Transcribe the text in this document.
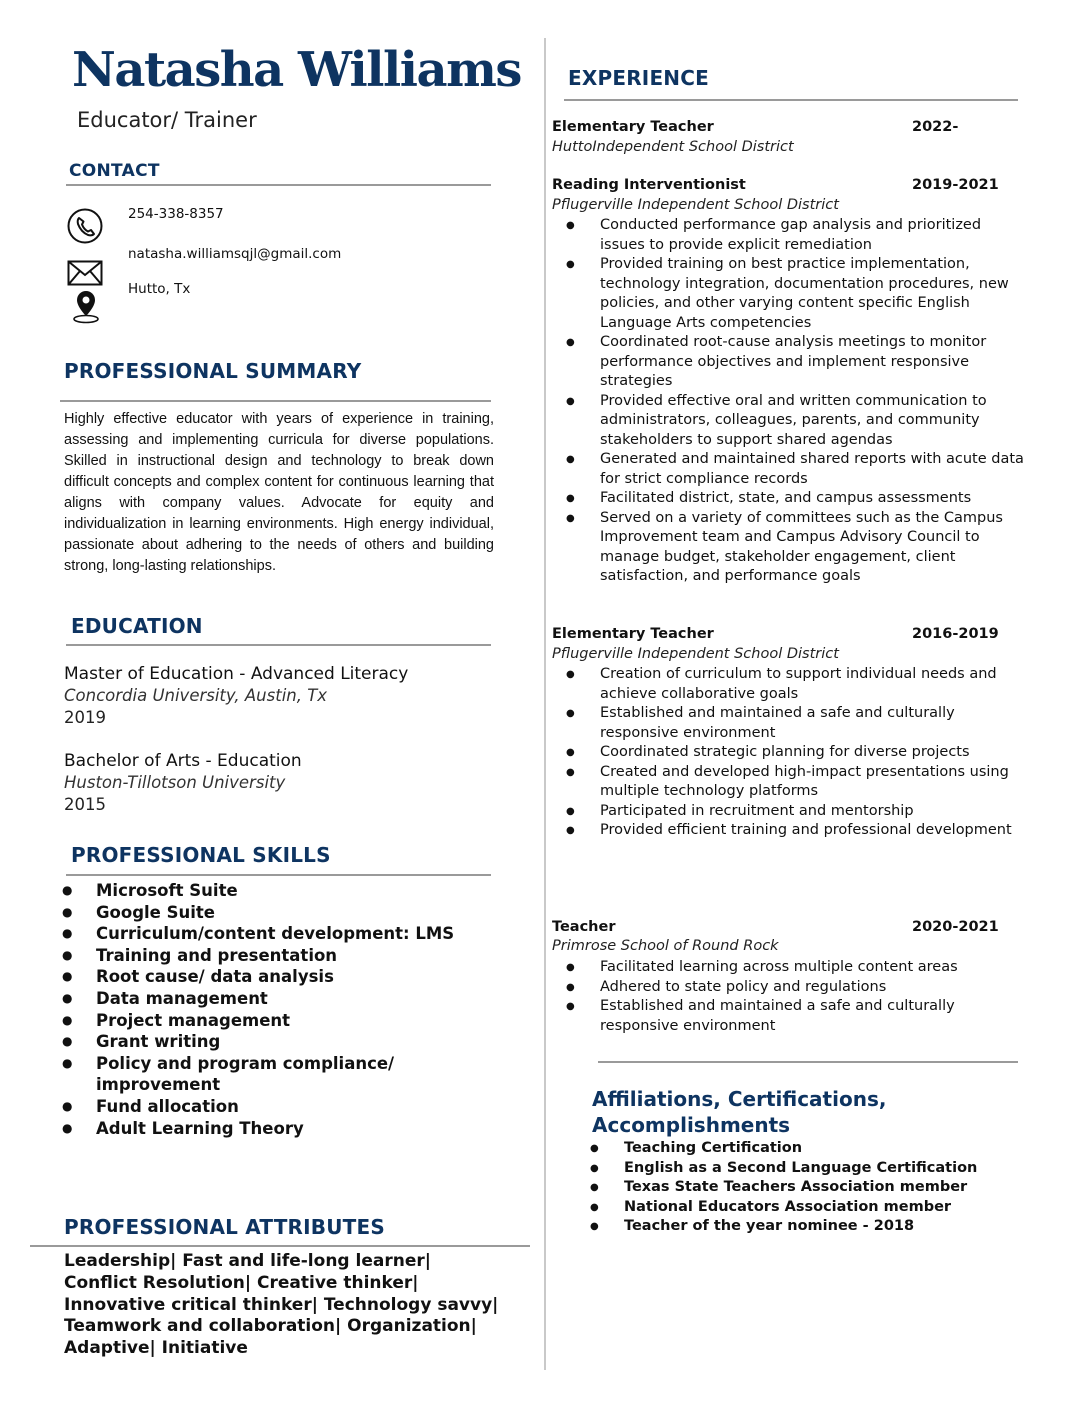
Natasha Williams
Educator/ Trainer
CONTACT
254-338-8357
natasha.williamsqjl@gmail.com
Hutto, Tx
PROFESSIONAL SUMMARY
Highly effective educator with years of experience in training, assessing and implementing curricula for diverse populations. Skilled in instructional design and technology to break down difficult concepts and complex content for continuous learning that aligns with company values. Advocate for equity and individualization in learning environments. High energy individual, passionate about adhering to the needs of others and building strong, long-lasting relationships.
EDUCATION
Master of Education - Advanced Literacy
Concordia University, Austin, Tx
2019
Bachelor of Arts - Education
Huston-Tillotson University
2015
PROFESSIONAL SKILLS
● Microsoft Suite
● Google Suite
● Curriculum/content development: LMS
● Training and presentation
● Root cause/ data analysis
● Data management
● Project management
● Grant writing
● Policy and program compliance/ improvement
● Fund allocation
● Adult Learning Theory
PROFESSIONAL ATTRIBUTES
Leadership| Fast and life-long learner| Conflict Resolution| Creative thinker| Innovative critical thinker| Technology savvy| Teamwork and collaboration| Organization| Adaptive| Initiative
EXPERIENCE
Elementary Teacher	2022-
HuttoIndependent School District
Reading Interventionist	2019-2021
Pflugerville Independent School District
● Conducted performance gap analysis and prioritized issues to provide explicit remediation
● Provided training on best practice implementation, technology integration, documentation procedures, new policies, and other varying content specific English Language Arts competencies
● Coordinated root-cause analysis meetings to monitor performance objectives and implement responsive strategies
● Provided effective oral and written communication to administrators, colleagues, parents, and community stakeholders to support shared agendas
● Generated and maintained shared reports with acute data for strict compliance records
● Facilitated district, state, and campus assessments
● Served on a variety of committees such as the Campus Improvement team and Campus Advisory Council to manage budget, stakeholder engagement, client satisfaction, and performance goals
Elementary Teacher	2016-2019
Pflugerville Independent School District
● Creation of curriculum to support individual needs and achieve collaborative goals
● Established and maintained a safe and culturally responsive environment
● Coordinated strategic planning for diverse projects
● Created and developed high-impact presentations using multiple technology platforms
● Participated in recruitment and mentorship
● Provided efficient training and professional development
Teacher	2020-2021
Primrose School of Round Rock
● Facilitated learning across multiple content areas
● Adhered to state policy and regulations
● Established and maintained a safe and culturally responsive environment
Affiliations, Certifications, Accomplishments
● Teaching Certification
● English as a Second Language Certification
● Texas State Teachers Association member
● National Educators Association member
● Teacher of the year nominee - 2018
